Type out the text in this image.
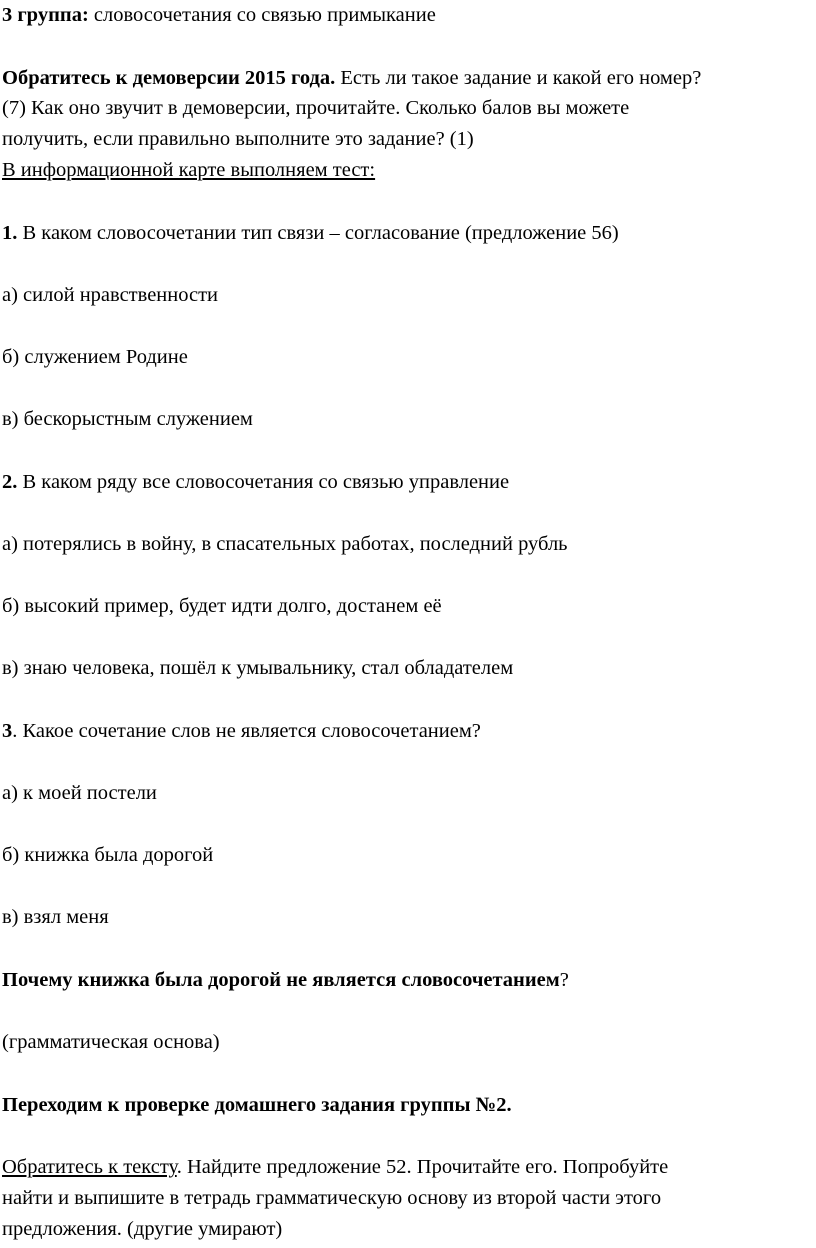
3 группа: словосочетания со связью примыкание
Обратитесь к демоверсии 2015 года. Есть ли такое задание и какой его номер?
(7) Как оно звучит в демоверсии, прочитайте. Сколько балов вы можете
получить, если правильно выполните это задание? (1)
В информационной карте выполняем тест:
1. В каком словосочетании тип связи – согласование (предложение 56)
а) силой нравственности
б) служением Родине
в) бескорыстным служением
2. В каком ряду все словосочетания со связью управление
а) потерялись в войну, в спасательных работах, последний рубль
б) высокий пример, будет идти долго, достанем её
в) знаю человека, пошёл к умывальнику, стал обладателем
3. Какое сочетание слов не является словосочетанием?
а) к моей постели
б) книжка была дорогой
в) взял меня
Почему книжка была дорогой не является словосочетанием?
(грамматическая основа)
Переходим к проверке домашнего задания группы №2.
Обратитесь к тексту. Найдите предложение 52. Прочитайте его. Попробуйте
найти и выпишите в тетрадь грамматическую основу из второй части этого
предложения. (другие умирают)
